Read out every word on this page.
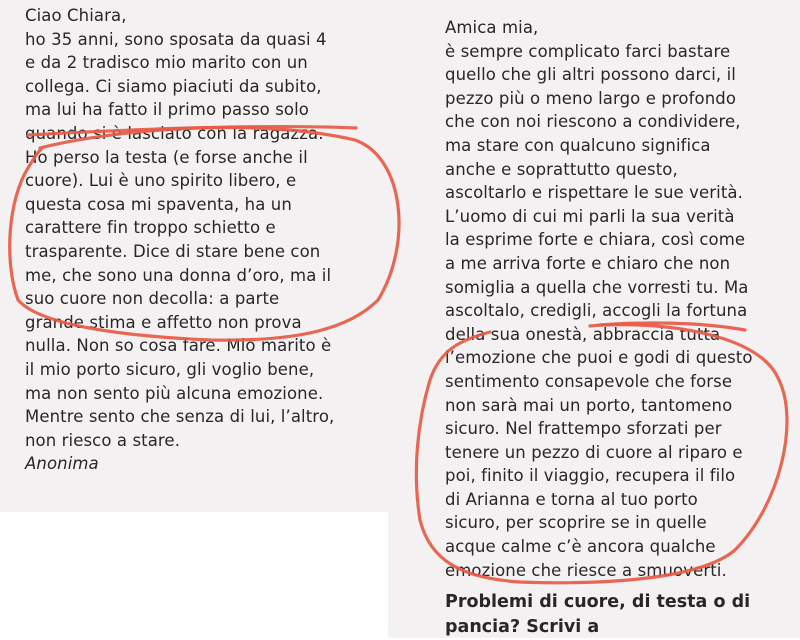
Ciao Chiara,
ho 35 anni, sono sposata da quasi 4
e da 2 tradisco mio marito con un
collega. Ci siamo piaciuti da subito,
ma lui ha fatto il primo passo solo
quando si è lasciato con la ragazza.
Ho perso la testa (e forse anche il
cuore). Lui è uno spirito libero, e
questa cosa mi spaventa, ha un
carattere fin troppo schietto e
trasparente. Dice di stare bene con
me, che sono una donna d’oro, ma il
suo cuore non decolla: a parte
grande stima e affetto non prova
nulla. Non so cosa fare. Mio marito è
il mio porto sicuro, gli voglio bene,
ma non sento più alcuna emozione.
Mentre sento che senza di lui, l’altro,
non riesco a stare.
Anonima
Amica mia,
è sempre complicato farci bastare
quello che gli altri possono darci, il
pezzo più o meno largo e profondo
che con noi riescono a condividere,
ma stare con qualcuno significa
anche e soprattutto questo,
ascoltarlo e rispettare le sue verità.
L’uomo di cui mi parli la sua verità
la esprime forte e chiara, così come
a me arriva forte e chiaro che non
somiglia a quella che vorresti tu. Ma
ascoltalo, credigli, accogli la fortuna
della sua onestà, abbraccia tutta
l’emozione che puoi e godi di questo
sentimento consapevole che forse
non sarà mai un porto, tantomeno
sicuro. Nel frattempo sforzati per
tenere un pezzo di cuore al riparo e
poi, finito il viaggio, recupera il filo
di Arianna e torna al tuo porto
sicuro, per scoprire se in quelle
acque calme c’è ancora qualche
emozione che riesce a smuoverti.
Problemi di cuore, di testa o di
pancia? Scrivi a
